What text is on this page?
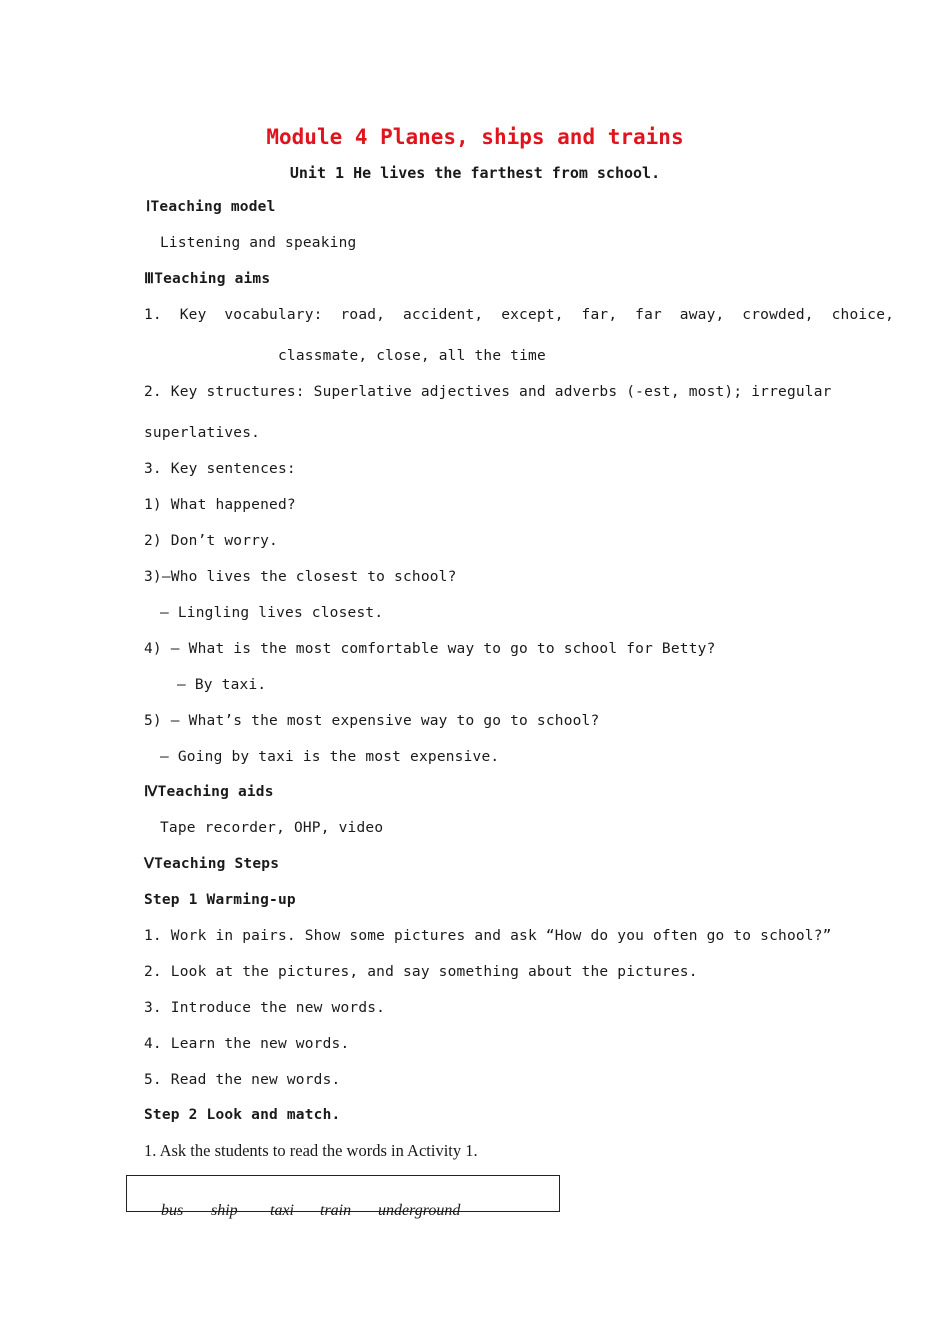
Module 4 Planes, ships and trains
Unit 1 He lives the farthest from school.
ⅠTeaching model
Listening and speaking
ⅢTeaching aims
1.  Key  vocabulary:  road,  accident,  except,  far,  far  away,  crowded,  choice,
classmate, close, all the time
2. Key structures: Superlative adjectives and adverbs (-est, most); irregular
superlatives.
3. Key sentences:
1) What happened?
2) Don’t worry.
3)—Who lives the closest to school?
— Lingling lives closest.
4) — What is the most comfortable way to go to school for Betty?
— By taxi.
5) — What’s the most expensive way to go to school?
— Going by taxi is the most expensive.
ⅣTeaching aids
Tape recorder, OHP, video
ⅤTeaching Steps
Step 1 Warming-up
1. Work in pairs. Show some pictures and ask “How do you often go to school?”
2. Look at the pictures, and say something about the pictures.
3. Introduce the new words.
4. Learn the new words.
5. Read the new words.
Step 2 Look and match.
1. Ask the students to read the words in Activity 1.

bus ship taxi train underground
